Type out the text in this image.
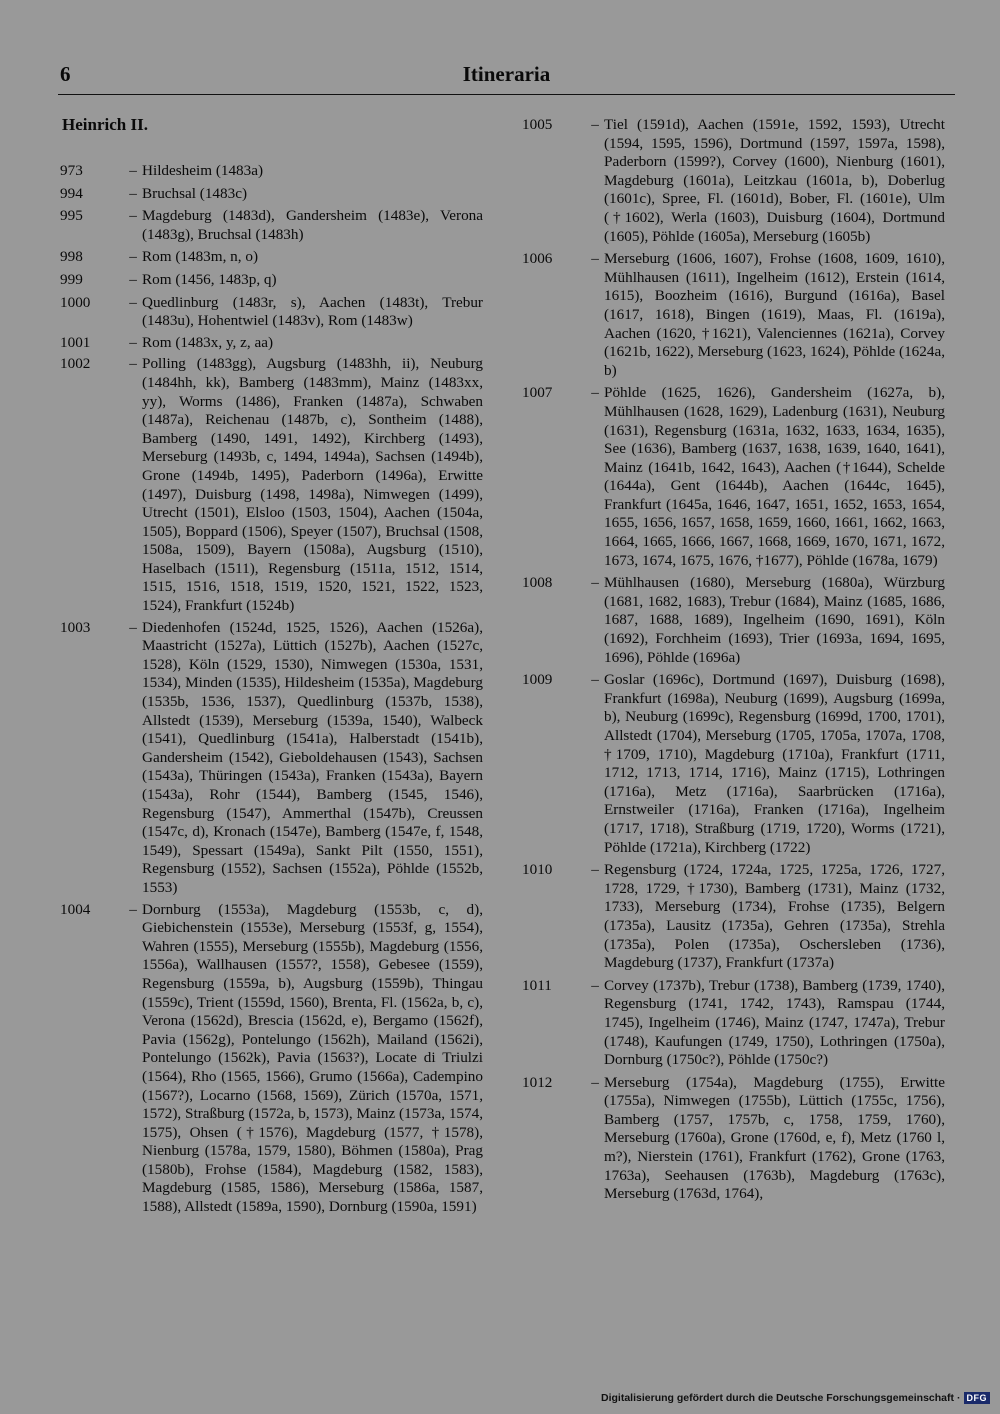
6	Itineraria
Heinrich II.
973	– Hildesheim (1483a)
994	– Bruchsal (1483c)
995	– Magdeburg (1483d), Gandersheim (1483e), Verona (1483g), Bruchsal (1483h)
998	– Rom (1483m, n, o)
999	– Rom (1456, 1483p, q)
1000	– Quedlinburg (1483r, s), Aachen (1483t), Trebur (1483u), Hohentwiel (1483v), Rom (1483w)
1001	– Rom (1483x, y, z, aa)
1002	– Polling (1483gg), Augsburg (1483hh, ii), Neuburg (1484hh, kk), Bamberg (1483mm), Mainz (1483xx, yy), Worms (1486), Franken (1487a), Schwaben (1487a), Reichenau (1487b, c), Sontheim (1488), Bamberg (1490, 1491, 1492), Kirchberg (1493), Merseburg (1493b, c, 1494, 1494a), Sachsen (1494b), Grone (1494b, 1495), Paderborn (1496a), Erwitte (1497), Duisburg (1498, 1498a), Nimwegen (1499), Utrecht (1501), Elsloo (1503, 1504), Aachen (1504a, 1505), Boppard (1506), Speyer (1507), Bruchsal (1508, 1508a, 1509), Bayern (1508a), Augsburg (1510), Haselbach (1511), Regensburg (1511a, 1512, 1514, 1515, 1516, 1518, 1519, 1520, 1521, 1522, 1523, 1524), Frankfurt (1524b)
1003	– Diedenhofen (1524d, 1525, 1526), Aachen (1526a), Maastricht (1527a), Lüttich (1527b), Aachen (1527c, 1528), Köln (1529, 1530), Nimwegen (1530a, 1531, 1534), Minden (1535), Hildesheim (1535a), Magdeburg (1535b, 1536, 1537), Quedlinburg (1537b, 1538), Allstedt (1539), Merseburg (1539a, 1540), Walbeck (1541), Quedlinburg (1541a), Halberstadt (1541b), Gandersheim (1542), Gieboldehausen (1543), Sachsen (1543a), Thüringen (1543a), Franken (1543a), Bayern (1543a), Rohr (1544), Bamberg (1545, 1546), Regensburg (1547), Ammerthal (1547b), Creussen (1547c, d), Kronach (1547e), Bamberg (1547e, f, 1548, 1549), Spessart (1549a), Sankt Pilt (1550, 1551), Regensburg (1552), Sachsen (1552a), Pöhlde (1552b, 1553)
1004	– Dornburg (1553a), Magdeburg (1553b, c, d), Giebichenstein (1553e), Merseburg (1553f, g, 1554), Wahren (1555), Merseburg (1555b), Magdeburg (1556, 1556a), Wallhausen (1557?, 1558), Gebesee (1559), Regensburg (1559a, b), Augsburg (1559b), Thingau (1559c), Trient (1559d, 1560), Brenta, Fl. (1562a, b, c), Verona (1562d), Brescia (1562d, e), Bergamo (1562f), Pavia (1562g), Pontelungo (1562h), Mailand (1562i), Pontelungo (1562k), Pavia (1563?), Locate di Triulzi (1564), Rho (1565, 1566), Grumo (1566a), Cadempino (1567?), Locarno (1568, 1569), Zürich (1570a, 1571, 1572), Straßburg (1572a, b, 1573), Mainz (1573a, 1574, 1575), Ohsen (†1576), Magdeburg (1577, †1578), Nienburg (1578a, 1579, 1580), Böhmen (1580a), Prag (1580b), Frohse (1584), Magdeburg (1582, 1583), Magdeburg (1585, 1586), Merseburg (1586a, 1587, 1588), Allstedt (1589a, 1590), Dornburg (1590a, 1591)
1005	– Tiel (1591d), Aachen (1591e, 1592, 1593), Utrecht (1594, 1595, 1596), Dortmund (1597, 1597a, 1598), Paderborn (1599?), Corvey (1600), Nienburg (1601), Magdeburg (1601a), Leitzkau (1601a, b), Doberlug (1601c), Spree, Fl. (1601d), Bober, Fl. (1601e), Ulm (†1602), Werla (1603), Duisburg (1604), Dortmund (1605), Pöhlde (1605a), Merseburg (1605b)
1006	– Merseburg (1606, 1607), Frohse (1608, 1609, 1610), Mühlhausen (1611), Ingelheim (1612), Erstein (1614, 1615), Boozheim (1616), Burgund (1616a), Basel (1617, 1618), Bingen (1619), Maas, Fl. (1619a), Aachen (1620, †1621), Valenciennes (1621a), Corvey (1621b, 1622), Merseburg (1623, 1624), Pöhlde (1624a, b)
1007	– Pöhlde (1625, 1626), Gandersheim (1627a, b), Mühlhausen (1628, 1629), Ladenburg (1631), Neuburg (1631), Regensburg (1631a, 1632, 1633, 1634, 1635), See (1636), Bamberg (1637, 1638, 1639, 1640, 1641), Mainz (1641b, 1642, 1643), Aachen (†1644), Schelde (1644a), Gent (1644b), Aachen (1644c, 1645), Frankfurt (1645a, 1646, 1647, 1651, 1652, 1653, 1654, 1655, 1656, 1657, 1658, 1659, 1660, 1661, 1662, 1663, 1664, 1665, 1666, 1667, 1668, 1669, 1670, 1671, 1672, 1673, 1674, 1675, 1676, †1677), Pöhlde (1678a, 1679)
1008	– Mühlhausen (1680), Merseburg (1680a), Würzburg (1681, 1682, 1683), Trebur (1684), Mainz (1685, 1686, 1687, 1688, 1689), Ingelheim (1690, 1691), Köln (1692), Forchheim (1693), Trier (1693a, 1694, 1695, 1696), Pöhlde (1696a)
1009	– Goslar (1696c), Dortmund (1697), Duisburg (1698), Frankfurt (1698a), Neuburg (1699), Augsburg (1699a, b), Neuburg (1699c), Regensburg (1699d, 1700, 1701), Allstedt (1704), Merseburg (1705, 1705a, 1707a, 1708, †1709, 1710), Magdeburg (1710a), Frankfurt (1711, 1712, 1713, 1714, 1716), Mainz (1715), Lothringen (1716a), Metz (1716a), Saarbrücken (1716a), Ernstweiler (1716a), Franken (1716a), Ingelheim (1717, 1718), Straßburg (1719, 1720), Worms (1721), Pöhlde (1721a), Kirchberg (1722)
1010	– Regensburg (1724, 1724a, 1725, 1725a, 1726, 1727, 1728, 1729, †1730), Bamberg (1731), Mainz (1732, 1733), Merseburg (1734), Frohse (1735), Belgern (1735a), Lausitz (1735a), Gehren (1735a), Strehla (1735a), Polen (1735a), Oschersleben (1736), Magdeburg (1737), Frankfurt (1737a)
1011	– Corvey (1737b), Trebur (1738), Bamberg (1739, 1740), Regensburg (1741, 1742, 1743), Ramspau (1744, 1745), Ingelheim (1746), Mainz (1747, 1747a), Trebur (1748), Kaufungen (1749, 1750), Lothringen (1750a), Dornburg (1750c?), Pöhlde (1750c?)
1012	– Merseburg (1754a), Magdeburg (1755), Erwitte (1755a), Nimwegen (1755b), Lüttich (1755c, 1756), Bamberg (1757, 1757b, c, 1758, 1759, 1760), Merseburg (1760a), Grone (1760d, e, f), Metz (1760 l, m?), Nierstein (1761), Frankfurt (1762), Grone (1763, 1763a), Seehausen (1763b), Magdeburg (1763c), Merseburg (1763d, 1764),
Digitalisierung gefördert durch die Deutsche Forschungsgemeinschaft · DFG
